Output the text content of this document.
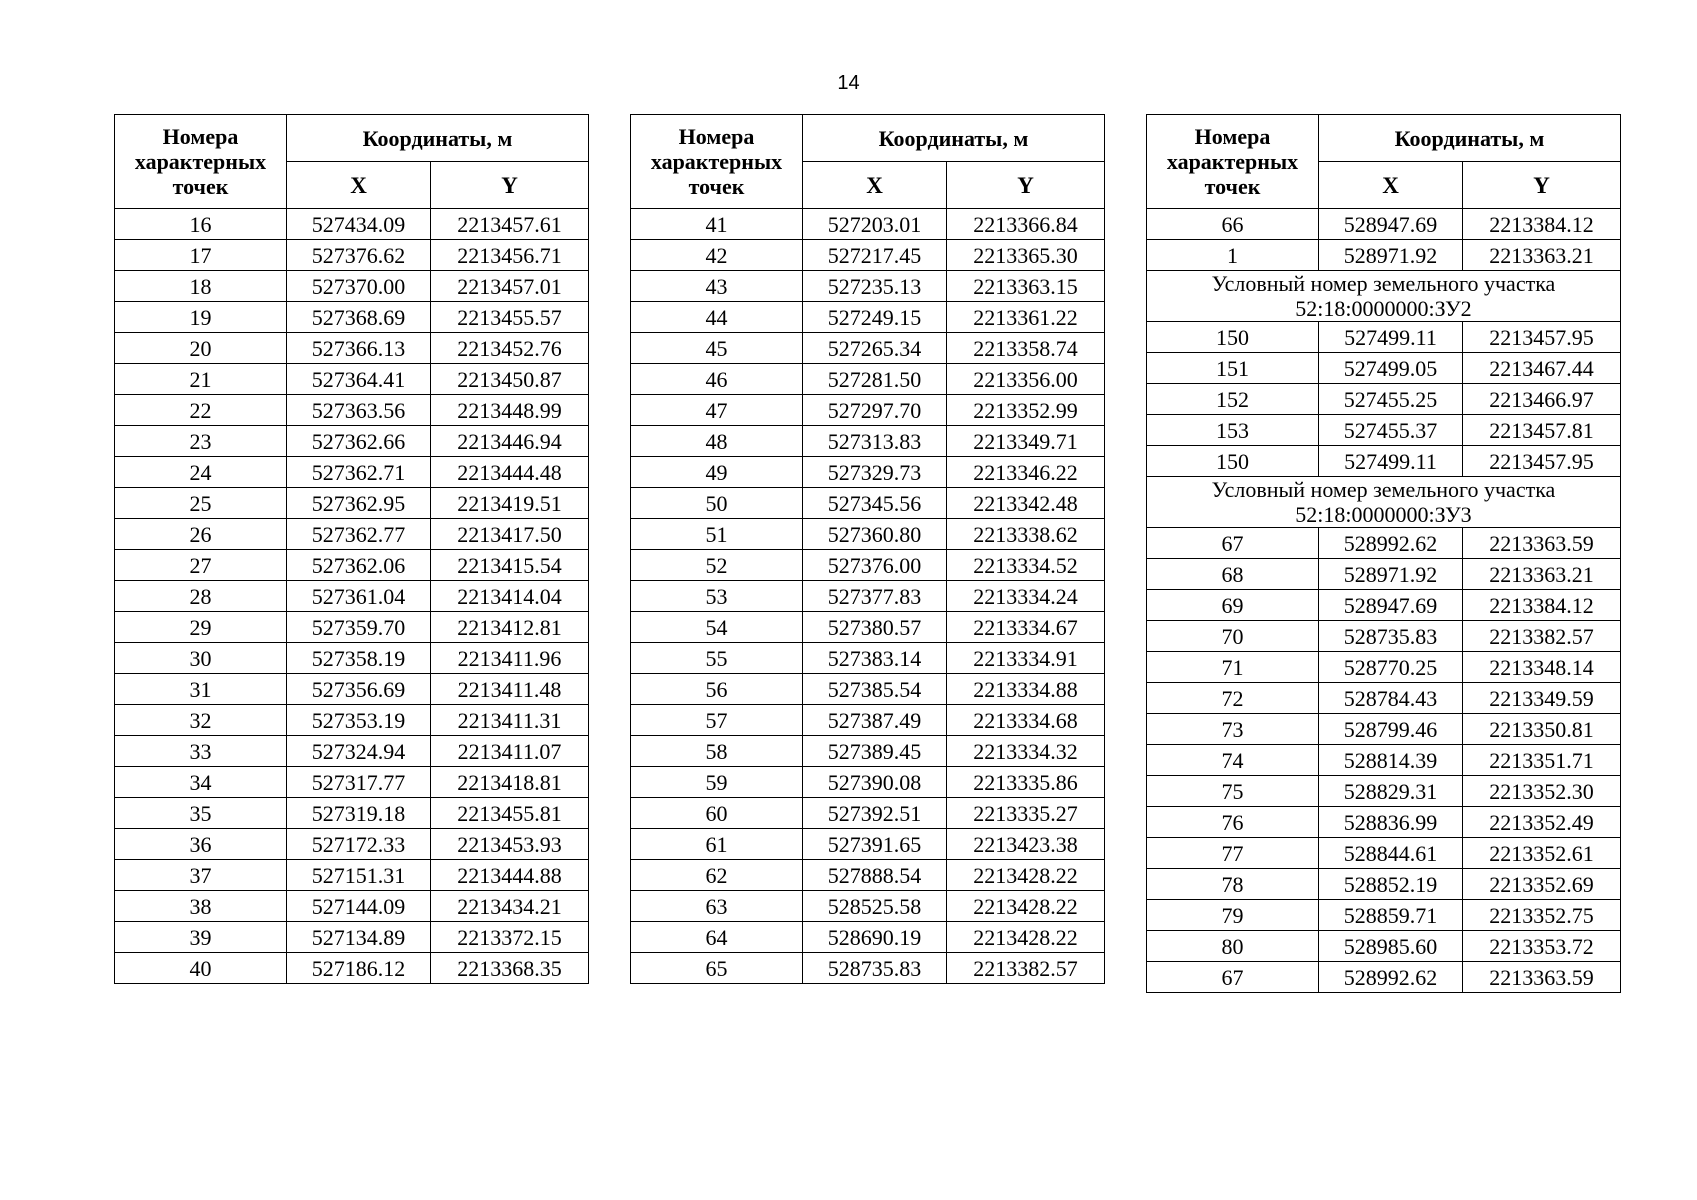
14
Номера характерных точек	Координаты, м	
	X	Y
16	527434.09	2213457.61
17	527376.62	2213456.71
18	527370.00	2213457.01
19	527368.69	2213455.57
20	527366.13	2213452.76
21	527364.41	2213450.87
22	527363.56	2213448.99
23	527362.66	2213446.94
24	527362.71	2213444.48
25	527362.95	2213419.51
26	527362.77	2213417.50
27	527362.06	2213415.54
28	527361.04	2213414.04
29	527359.70	2213412.81
30	527358.19	2213411.96
31	527356.69	2213411.48
32	527353.19	2213411.31
33	527324.94	2213411.07
34	527317.77	2213418.81
35	527319.18	2213455.81
36	527172.33	2213453.93
37	527151.31	2213444.88
38	527144.09	2213434.21
39	527134.89	2213372.15
40	527186.12	2213368.35
Номера характерных точек	Координаты, м	
	X	Y
41	527203.01	2213366.84
42	527217.45	2213365.30
43	527235.13	2213363.15
44	527249.15	2213361.22
45	527265.34	2213358.74
46	527281.50	2213356.00
47	527297.70	2213352.99
48	527313.83	2213349.71
49	527329.73	2213346.22
50	527345.56	2213342.48
51	527360.80	2213338.62
52	527376.00	2213334.52
53	527377.83	2213334.24
54	527380.57	2213334.67
55	527383.14	2213334.91
56	527385.54	2213334.88
57	527387.49	2213334.68
58	527389.45	2213334.32
59	527390.08	2213335.86
60	527392.51	2213335.27
61	527391.65	2213423.38
62	527888.54	2213428.22
63	528525.58	2213428.22
64	528690.19	2213428.22
65	528735.83	2213382.57
Номера характерных точек	Координаты, м	
	X	Y
66	528947.69	2213384.12
1	528971.92	2213363.21

Условный номер земельного участка
52:18:0000000:ЗУ2		

150	527499.11	2213457.95
151	527499.05	2213467.44
152	527455.25	2213466.97
153	527455.37	2213457.81
150	527499.11	2213457.95

Условный номер земельного участка
52:18:0000000:ЗУ3		

67	528992.62	2213363.59
68	528971.92	2213363.21
69	528947.69	2213384.12
70	528735.83	2213382.57
71	528770.25	2213348.14
72	528784.43	2213349.59
73	528799.46	2213350.81
74	528814.39	2213351.71
75	528829.31	2213352.30
76	528836.99	2213352.49
77	528844.61	2213352.61
78	528852.19	2213352.69
79	528859.71	2213352.75
80	528985.60	2213353.72
67	528992.62	2213363.59
